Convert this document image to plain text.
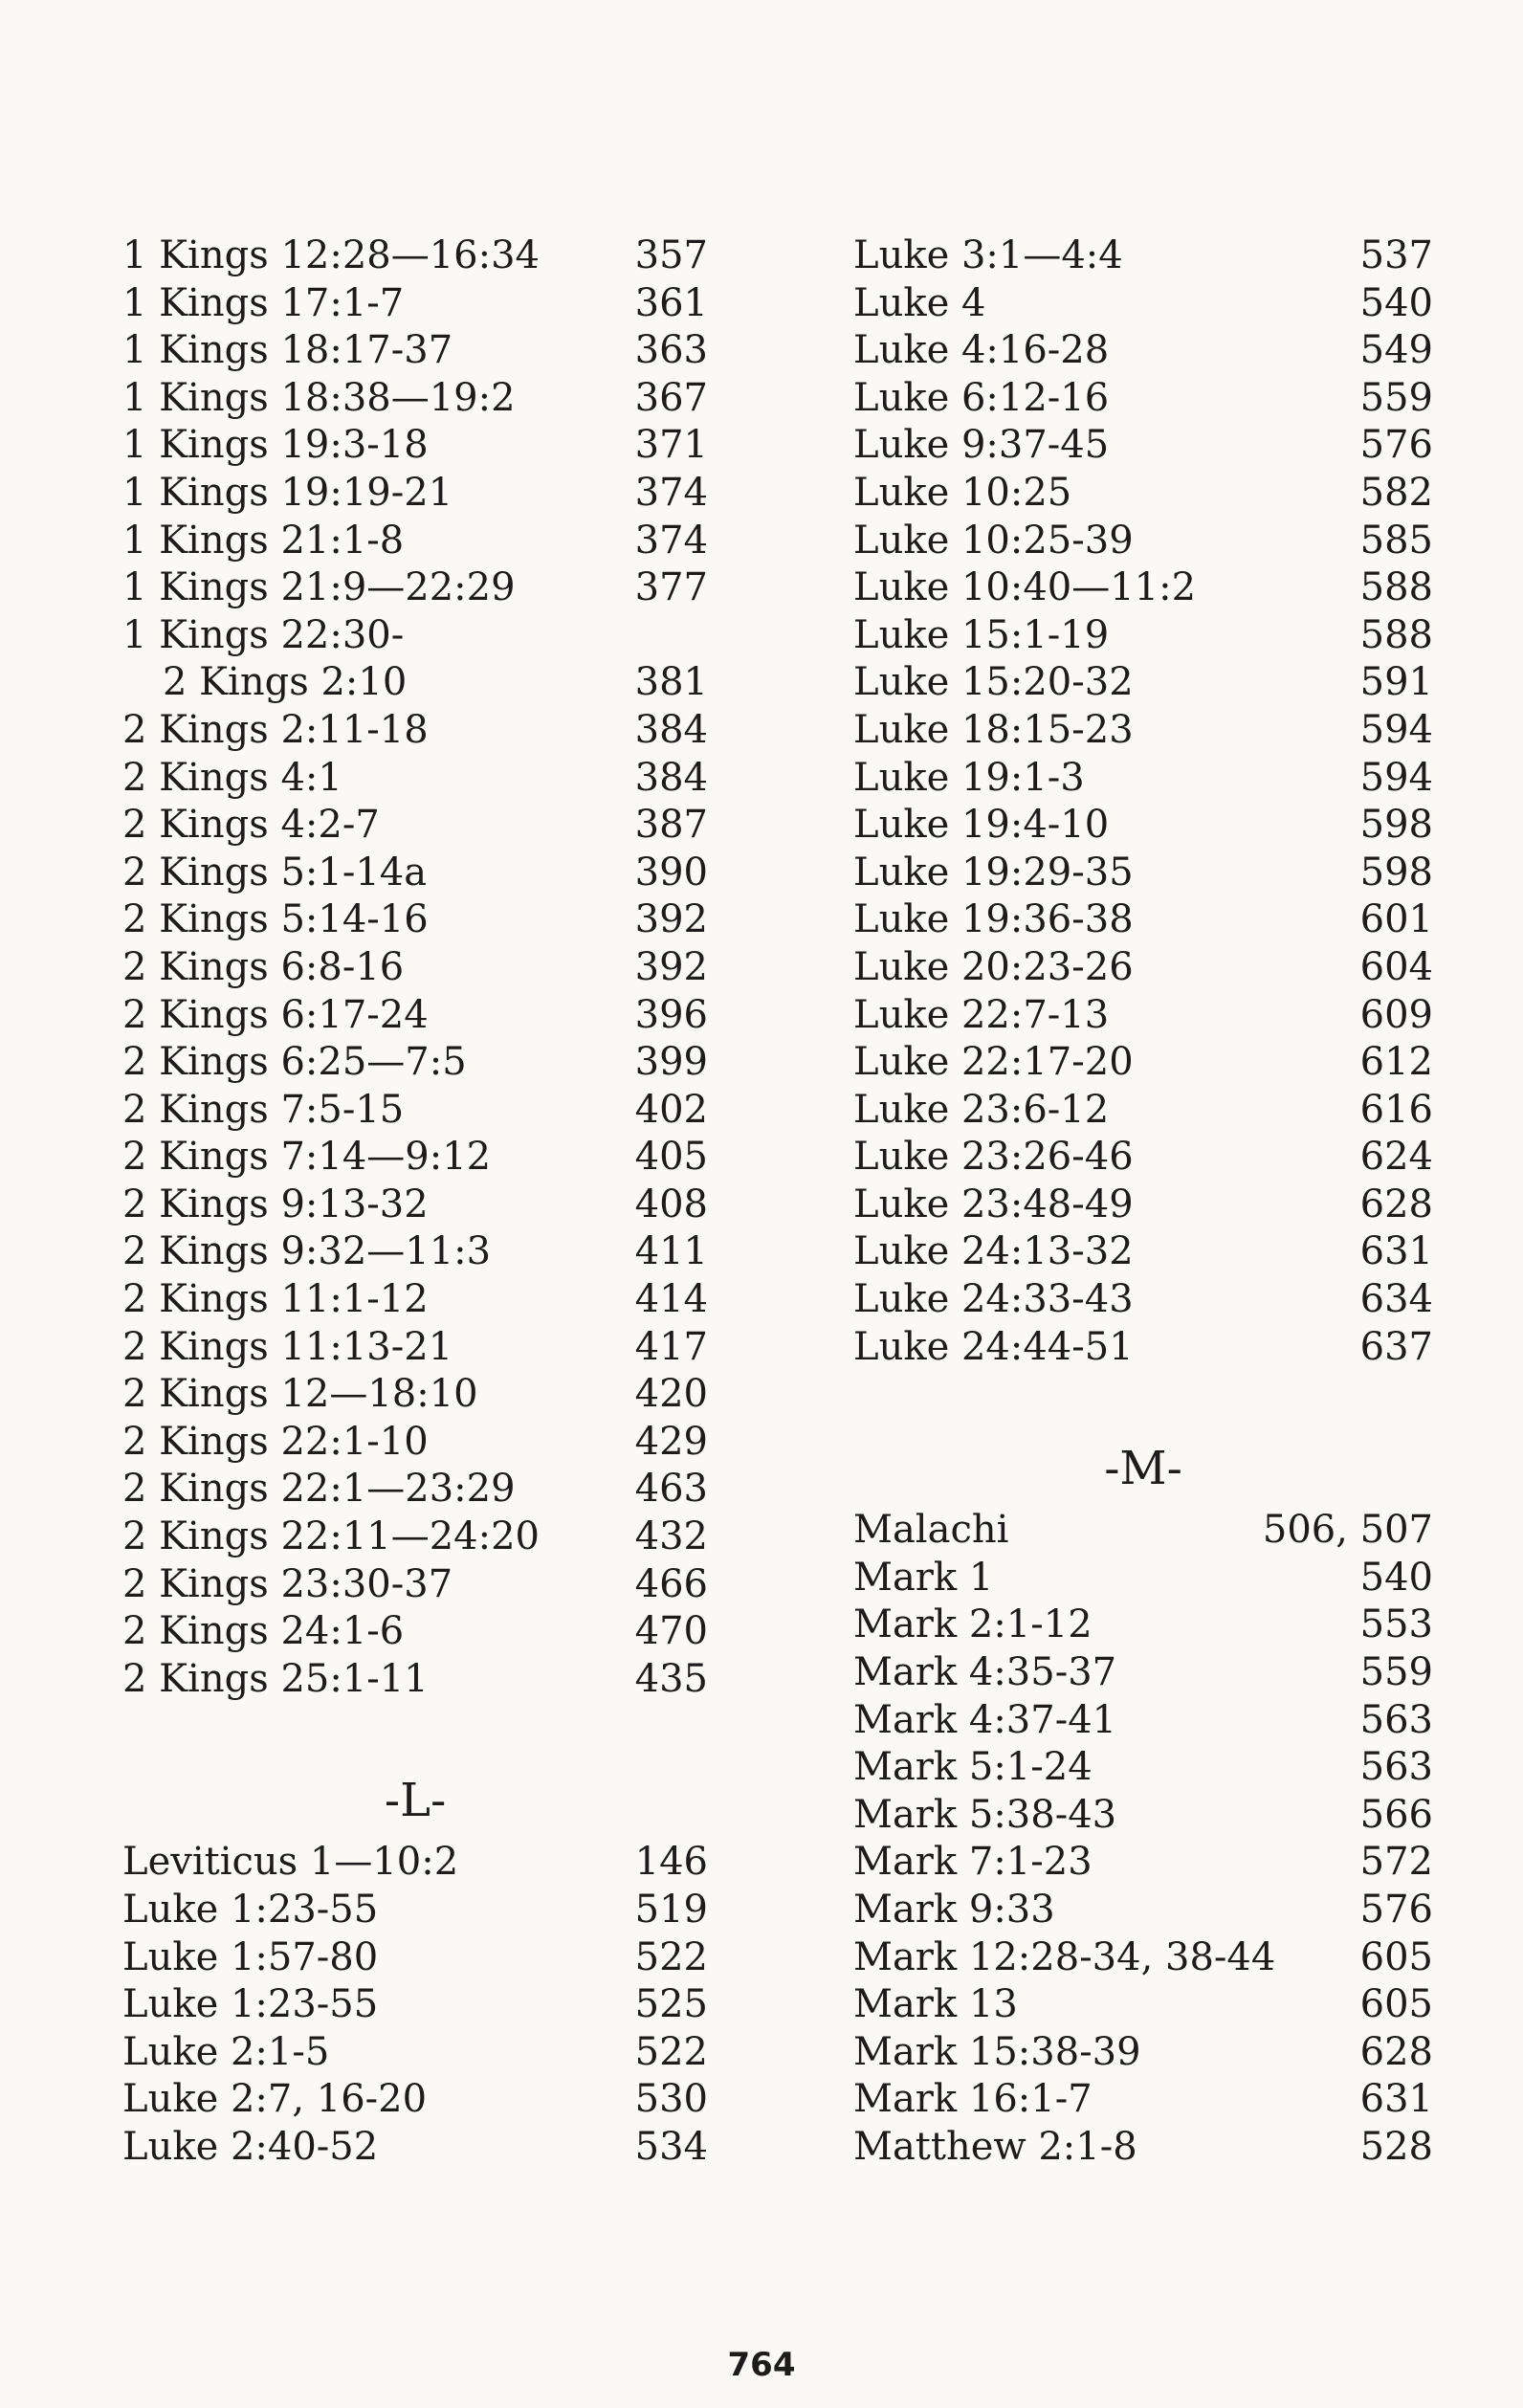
1 Kings 12:28—16:34 357
1 Kings 17:1-7	361
1 Kings 18:17-37	363
1 Kings 18:38—19:2	367
1 Kings 19:3-18	371
1 Kings 19:19-21	374
1 Kings 21:1-8	374
1 Kings 21:9—22:29	377
1 Kings 22:30-
2 Kings 2:10	381
2 Kings 2:11-18	384
2 Kings 4:1	384
2 Kings 4:2-7	387
2 Kings 5:1-14a	390
2 Kings 5:14-16	392
2 Kings 6:8-16	392
2 Kings 6:17-24	396
2 Kings 6:25—7:5	399
2 Kings 7:5-15	402
2 Kings 7:14—9:12	405
2 Kings 9:13-32	408
2 Kings 9:32—11:3	411
2 Kings 11:1-12	414
2 Kings 11:13-21	417
2 Kings 12—18:10	420
2 Kings 22:1-10	429
2 Kings 22:1—23:29	463
2 Kings 22:11—24:20 432
2 Kings 23:30-37	466
2 Kings 24:1-6	470
2 Kings 25:1-11	435
-L-
Leviticus 1—10:2	146
Luke 1:23-55	519
Luke 1:57-80	522
Luke 1:23-55	525
Luke 2:1-5	522
Luke 2:7, 16-20	530
Luke 2:40-52	534
Luke 3:1—4:4	537
Luke 4	540
Luke 4:16-28	549
Luke 6:12-16	559
Luke 9:37-45	576
Luke 10:25	582
Luke 10:25-39	585
Luke 10:40—11:2	588
Luke 15:1-19	588
Luke 15:20-32	591
Luke 18:15-23	594
Luke 19:1-3	594
Luke 19:4-10	598
Luke 19:29-35	598
Luke 19:36-38	601
Luke 20:23-26	604
Luke 22:7-13	609
Luke 22:17-20	612
Luke 23:6-12	616
Luke 23:26-46	624
Luke 23:48-49	628
Luke 24:13-32	631
Luke 24:33-43	634
Luke 24:44-51	637
-M-
Malachi	506, 507
Mark 1	540
Mark 2:1-12	553
Mark 4:35-37	559
Mark 4:37-41	563
Mark 5:1-24	563
Mark 5:38-43	566
Mark 7:1-23	572
Mark 9:33	576
Mark 12:28-34, 38-44 605
Mark 13	605
Mark 15:38-39	628
Mark 16:1-7	631
Matthew 2:1-8	528
764
